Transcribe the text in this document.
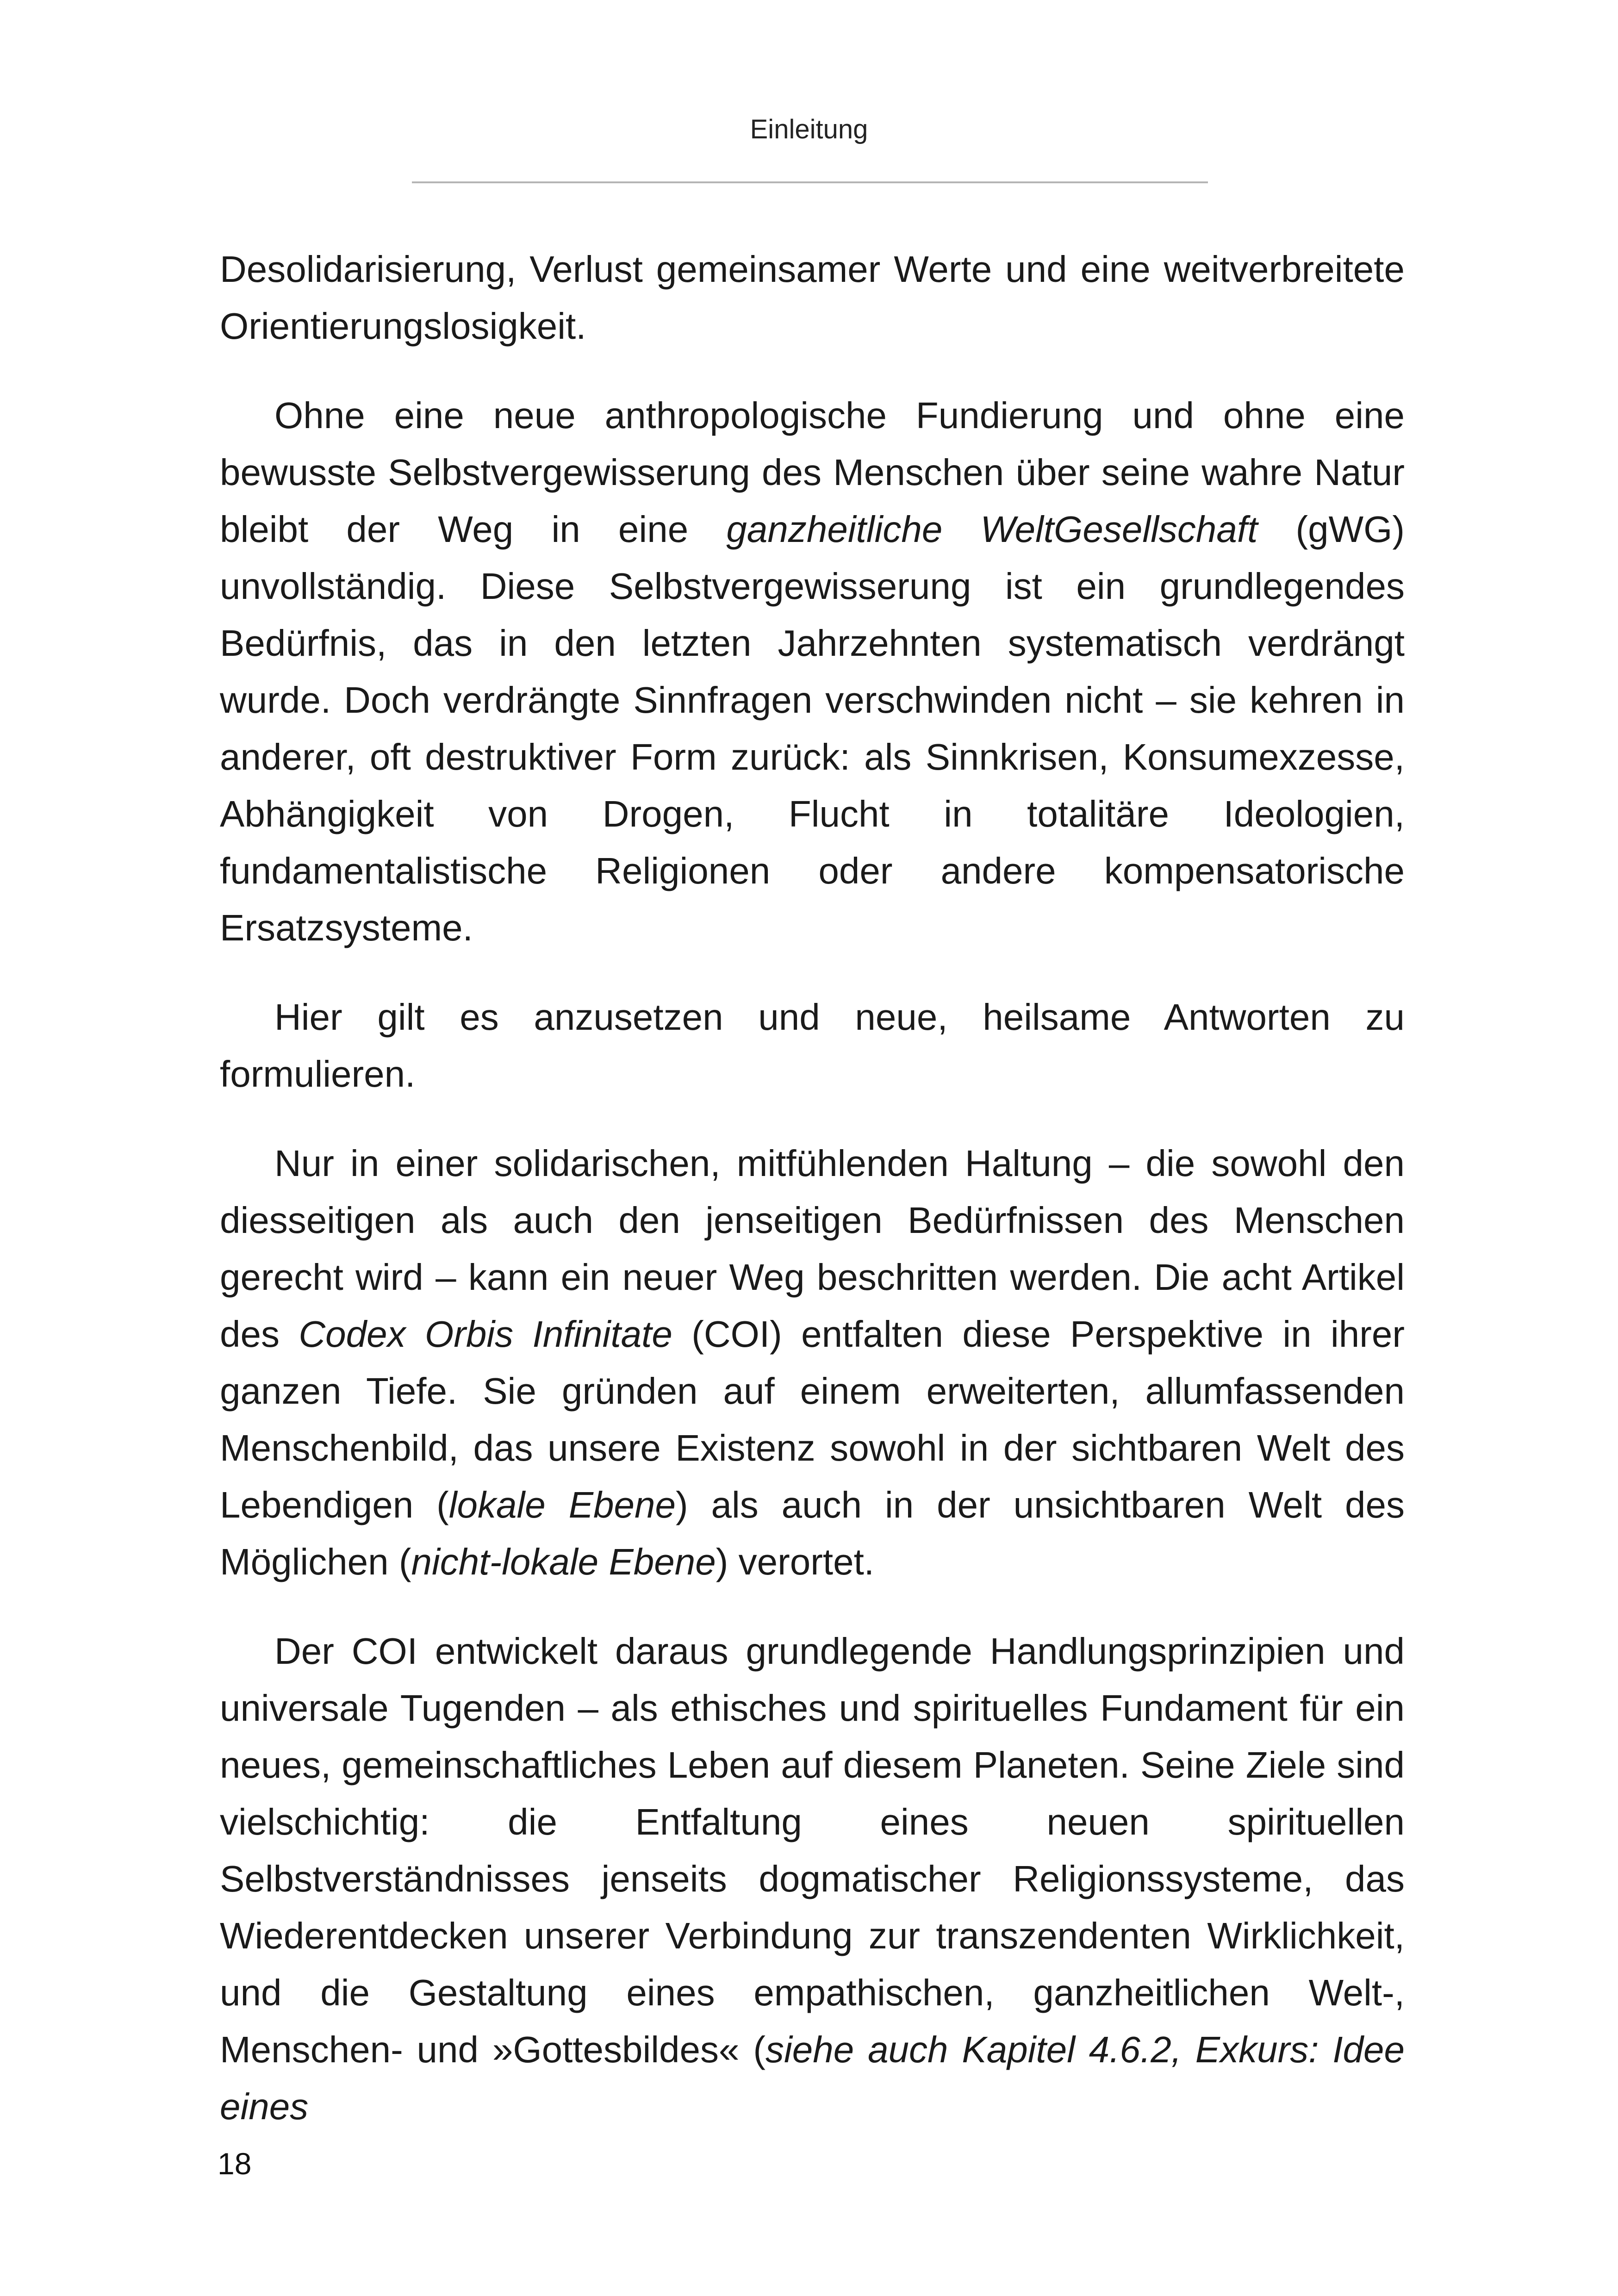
Einleitung

Desolidarisierung, Verlust gemeinsamer Werte und eine weitverbreitete Orientierungslosigkeit.

Ohne eine neue anthropologische Fundierung und ohne eine bewusste Selbstvergewisserung des Menschen über seine wahre Natur bleibt der Weg in eine ganzheitliche WeltGesellschaft (gWG) unvollständig. Diese Selbstvergewisserung ist ein grundlegendes Bedürfnis, das in den letzten Jahrzehnten systematisch verdrängt wurde. Doch verdrängte Sinnfragen verschwinden nicht – sie kehren in anderer, oft destruktiver Form zurück: als Sinnkrisen, Konsumexzesse, Abhängigkeit von Drogen, Flucht in totalitäre Ideologien, fundamentalistische Religionen oder andere kompensatorische Ersatzsysteme.

Hier gilt es anzusetzen und neue, heilsame Antworten zu formulieren.

Nur in einer solidarischen, mitfühlenden Haltung – die sowohl den diesseitigen als auch den jenseitigen Bedürfnissen des Menschen gerecht wird – kann ein neuer Weg beschritten werden. Die acht Artikel des Codex Orbis Infinitate (COI) entfalten diese Perspektive in ihrer ganzen Tiefe. Sie gründen auf einem erweiterten, allumfassenden Menschenbild, das unsere Existenz sowohl in der sichtbaren Welt des Lebendigen (lokale Ebene) als auch in der unsichtbaren Welt des Möglichen (nicht-lokale Ebene) verortet.

Der COI entwickelt daraus grundlegende Handlungsprinzipien und universale Tugenden – als ethisches und spirituelles Fundament für ein neues, gemeinschaftliches Leben auf diesem Planeten. Seine Ziele sind vielschichtig: die Entfaltung eines neuen spirituellen Selbstverständnisses jenseits dogmatischer Religionssysteme, das Wiederentdecken unserer Verbindung zur transzendenten Wirklichkeit, und die Gestaltung eines empathischen, ganzheitlichen Welt-, Menschen- und »Gottesbildes« (siehe auch Kapitel 4.6.2, Exkurs: Idee eines

18
